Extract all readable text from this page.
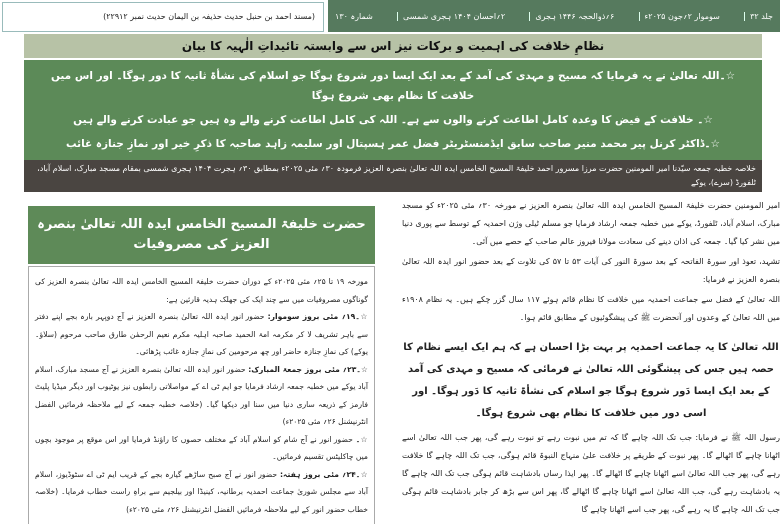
جلد ۳۲
سوموار ۲؍جون ۲۰۲۵ء
۶؍ذوالحجہ ۱۴۴۶ ہجری
۲؍احسان ۱۴۰۴ ہجری شمسی
شمارہ ۱۳۰
(مسند احمد بن حنبل حدیث حذیفہ بن الیمان حدیث نمبر ۲۲۹۱۲)
نظامِ خلافت کی اہمیت و برکات نیز اس سے وابستہ تائیداتِ الٰہیہ کا بیان

☆۔اللہ تعالیٰ نے یہ فرمایا کہ مسیح و مہدی کی آمد کے بعد ایک ایسا دور شروع ہوگا جو اسلام کی نشأۃ ثانیہ کا دور ہوگا۔ اور اس میں خلافت کا نظام بھی شروع ہوگا

☆۔ خلافت کے فیض کا وعدہ کامل اطاعت کرنے والوں سے ہے۔ اللہ کی کامل اطاعت کرنے والے وہ ہیں جو عبادت کرنے والے ہیں

☆۔ڈاکٹر کرنل پیر محمد منیر صاحب سابق ایڈمنسٹریٹر فضل عمر ہسپتال اور سلیمہ زاہد صاحبہ کا ذکرِ خیر اور نمازِ جنازہ غائب

خلاصہ خطبہ جمعہ سیّدنا امیر المومنین حضرت مرزا مسرور احمد خلیفۃ المسیح الخامس ایدہ اللہ تعالیٰ بنصرہ العزیز فرمودہ ۳۰؍ مئی ۲۰۲۵ء بمطابق ۳۰؍ ہجرت ۱۴۰۴ ہجری شمسی بمقام مسجد مبارک، اسلام آباد، ٹلفورڈ (سرے)، یوکے

امیر المومنین حضرت خلیفۃ المسیح الخامس ایدہ اللہ تعالیٰ بنصرہ العزیز نے مورخہ ۳۰؍ مئی ۲۰۲۵ء کو مسجد مبارک، اسلام آباد، ٹلفورڈ، یوکے میں خطبہ جمعہ ارشاد فرمایا جو مسلم ٹیلی وژن احمدیہ کے توسط سے پوری دنیا میں نشر کیا گیا۔ جمعہ کی اذان دینے کی سعادت مولانا فیروز عالم صاحب کے حصے میں آئی۔

تشہد، تعوذ اور سورۃ الفاتحہ کے بعد سورۃ النور کی آیات ۵۳ تا ۵۷ کی تلاوت کے بعد حضور انور ایدہ اللہ تعالیٰ بنصرہ العزیز نے فرمایا:

اللہ تعالیٰ کے فضل سے جماعت احمدیہ میں خلافت کا نظام قائم ہوئے ۱۱۷ سال گزر چکے ہیں۔ یہ نظام ۱۹۰۸ء میں اللہ تعالیٰ کے وعدوں اور آنحضرت ﷺ کی پیشگوئیوں کے مطابق قائم ہوا۔

اللہ تعالیٰ کا یہ جماعت احمدیہ پر بہت بڑا احسان ہے کہ ہم ایک ایسے نظام کا حصہ ہیں جس کی پیشگوئی اللہ تعالیٰ نے فرمائی کہ مسیح و مہدی کی آمد کے بعد ایک ایسا دَور شروع ہوگا جو اسلام کی نشأۃ ثانیہ کا دَور ہوگا۔ اور اسی دور میں خلافت کا نظام بھی شروع ہوگا۔

رسول اللہ ﷺ نے فرمایا: جب تک اللہ چاہے گا کہ تم میں نبوت رہے تو نبوت رہے گی، پھر جب اللہ تعالیٰ اسے اٹھانا چاہے گا اٹھالے گا۔ پھر نبوت کے طریقے پر خلافت علیٰ منہاج النبوۃ قائم ہوگی، جب تک اللہ چاہے گا خلافت رہے گی، پھر جب اللہ تعالیٰ اسے اٹھانا چاہے گا اٹھالے گا۔ پھر ایذا رساں بادشاہت قائم ہوگی جب تک اللہ چاہے گا یہ بادشاہت رہے گی، جب اللہ تعالیٰ اسے اٹھانا چاہے گا اٹھالے گا، پھر اس سے بڑھ کر جابر بادشاہت قائم ہوگی جب تک اللہ چاہے گا یہ رہے گی، پھر جب اسے اٹھانا چاہے گا

حضرت خلیفۃ المسیح الخامس ایدہ اللہ تعالیٰ بنصرہ العزیز کی مصروفیات

مورخہ ۱۹ تا ۲۵؍ مئی ۲۰۲۵ء کے دوران حضرت خلیفۃ المسیح الخامس ایدہ اللہ تعالیٰ بنصرہ العزیز کی گوناگوں مصروفیات میں سے چند ایک کی جھلک ہدیہ قارئین ہے:

☆۔۱۹؍ مئی بروز سوموار: حضور انور ایدہ اللہ تعالیٰ بنصرہ العزیز نے آج دوپہر بارہ بجے اپنے دفتر سے باہر تشریف لا کر مکرمہ امۃ الحمید صاحبہ اہلیہ مکرم نعیم الرحمٰن طارق صاحب مرحوم (سلاؤ۔ یوکے) کی نمازِ جنازہ حاضر اور چھ مرحومین کی نمازِ جنازہ غائب پڑھائی۔

☆۔۲۳؍ مئی بروز جمعۃ المبارک: حضور انور ایدہ اللہ تعالیٰ بنصرہ العزیز نے آج مسجد مبارک، اسلام آباد یوکے میں خطبہ جمعہ ارشاد فرمایا جو ایم ٹی اے کے مواصلاتی رابطوں نیز یوٹیوب اور دیگر میڈیا پلیٹ فارمز کے ذریعہ ساری دنیا میں سنا اور دیکھا گیا۔ (خلاصہ خطبہ جمعہ کے لیے ملاحظہ فرمائیں الفضل انٹرنیشنل ۲۶؍ مئی ۲۰۲۵ء)

☆۔ حضور انور نے آج شام کو اسلام آباد کے مختلف حصوں کا راؤنڈ فرمایا اور اس موقع پر موجود بچوں میں چاکلیٹس تقسیم فرمائیں۔

☆۔۲۴؍ مئی بروز ہفتہ: حضور انور نے آج صبح ساڑھے گیارہ بجے کے قریب ایم ٹی اے سٹوڈیوز، اسلام آباد سے مجلس شوریٰ جماعت احمدیہ برطانیہ، کینیڈا اور بیلجیم سے براہِ راست خطاب فرمایا۔ (خلاصہ خطاب حضور انور کے لیے ملاحظہ فرمائیں الفضل انٹرنیشنل ۲۶؍ مئی ۲۰۲۵ء)
